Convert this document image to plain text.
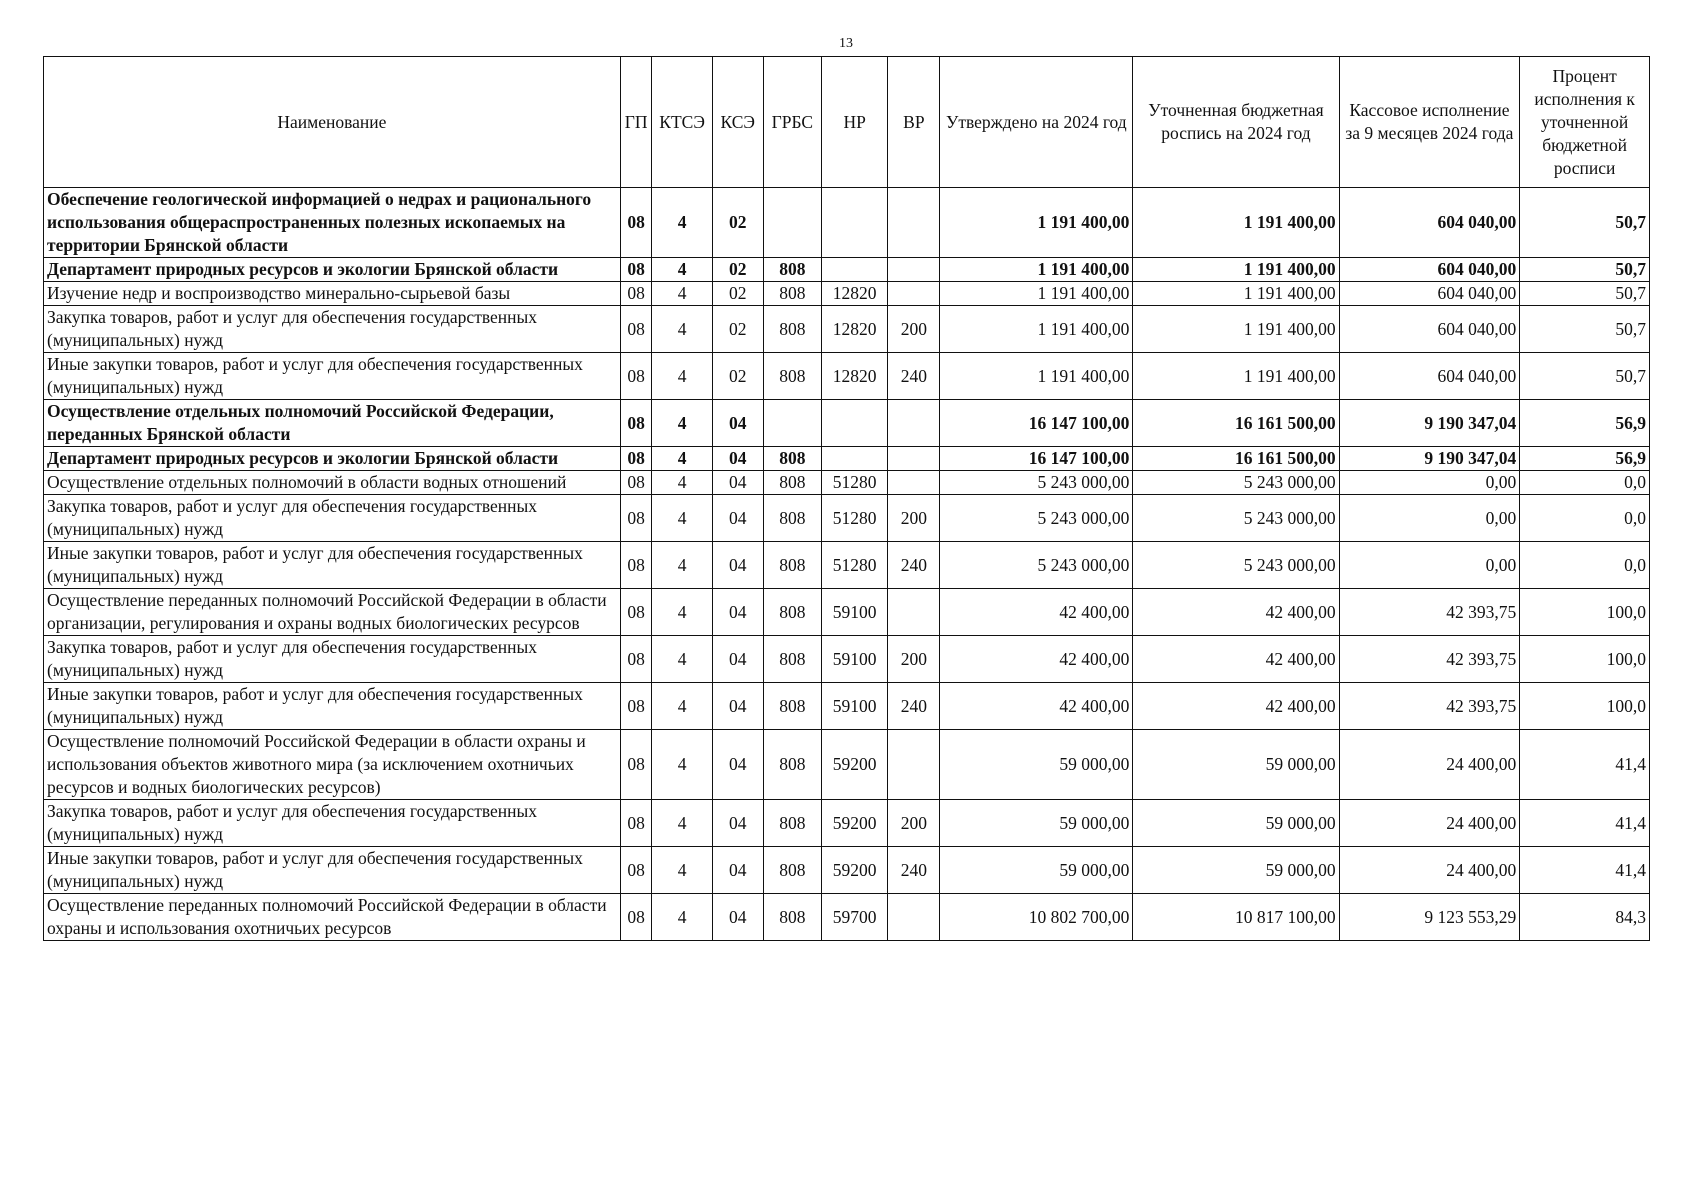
13
Наименование	ГП	КТСЭ	КСЭ	ГРБС	НР	ВР	Утверждено на 2024 год	Уточненная бюджетная роспись на 2024 год	Кассовое исполнение за 9 месяцев 2024 года	Процент исполнения к уточненной бюджетной росписи
Обеспечение геологической информацией о недрах и рационального использования общераспространенных полезных ископаемых на территории Брянской области	08	4	02				1 191 400,00	1 191 400,00	604 040,00	50,7
Департамент природных ресурсов и экологии Брянской области	08	4	02	808			1 191 400,00	1 191 400,00	604 040,00	50,7
Изучение недр и воспроизводство минерально-сырьевой базы	08	4	02	808	12820		1 191 400,00	1 191 400,00	604 040,00	50,7
Закупка товаров, работ и услуг для обеспечения государственных (муниципальных) нужд	08	4	02	808	12820	200	1 191 400,00	1 191 400,00	604 040,00	50,7
Иные закупки товаров, работ и услуг для обеспечения государственных (муниципальных) нужд	08	4	02	808	12820	240	1 191 400,00	1 191 400,00	604 040,00	50,7
Осуществление отдельных полномочий Российской Федерации, переданных Брянской области	08	4	04				16 147 100,00	16 161 500,00	9 190 347,04	56,9
Департамент природных ресурсов и экологии Брянской области	08	4	04	808			16 147 100,00	16 161 500,00	9 190 347,04	56,9
Осуществление отдельных полномочий в области водных отношений	08	4	04	808	51280		5 243 000,00	5 243 000,00	0,00	0,0
Закупка товаров, работ и услуг для обеспечения государственных (муниципальных) нужд	08	4	04	808	51280	200	5 243 000,00	5 243 000,00	0,00	0,0
Иные закупки товаров, работ и услуг для обеспечения государственных (муниципальных) нужд	08	4	04	808	51280	240	5 243 000,00	5 243 000,00	0,00	0,0
Осуществление переданных полномочий Российской Федерации в области организации, регулирования и охраны водных биологических ресурсов	08	4	04	808	59100		42 400,00	42 400,00	42 393,75	100,0
Закупка товаров, работ и услуг для обеспечения государственных (муниципальных) нужд	08	4	04	808	59100	200	42 400,00	42 400,00	42 393,75	100,0
Иные закупки товаров, работ и услуг для обеспечения государственных (муниципальных) нужд	08	4	04	808	59100	240	42 400,00	42 400,00	42 393,75	100,0
Осуществление полномочий Российской Федерации в области охраны и использования объектов животного мира (за исключением охотничьих ресурсов и водных биологических ресурсов)	08	4	04	808	59200		59 000,00	59 000,00	24 400,00	41,4
Закупка товаров, работ и услуг для обеспечения государственных (муниципальных) нужд	08	4	04	808	59200	200	59 000,00	59 000,00	24 400,00	41,4
Иные закупки товаров, работ и услуг для обеспечения государственных (муниципальных) нужд	08	4	04	808	59200	240	59 000,00	59 000,00	24 400,00	41,4
Осуществление переданных полномочий Российской Федерации в области охраны и использования охотничьих ресурсов	08	4	04	808	59700		10 802 700,00	10 817 100,00	9 123 553,29	84,3
